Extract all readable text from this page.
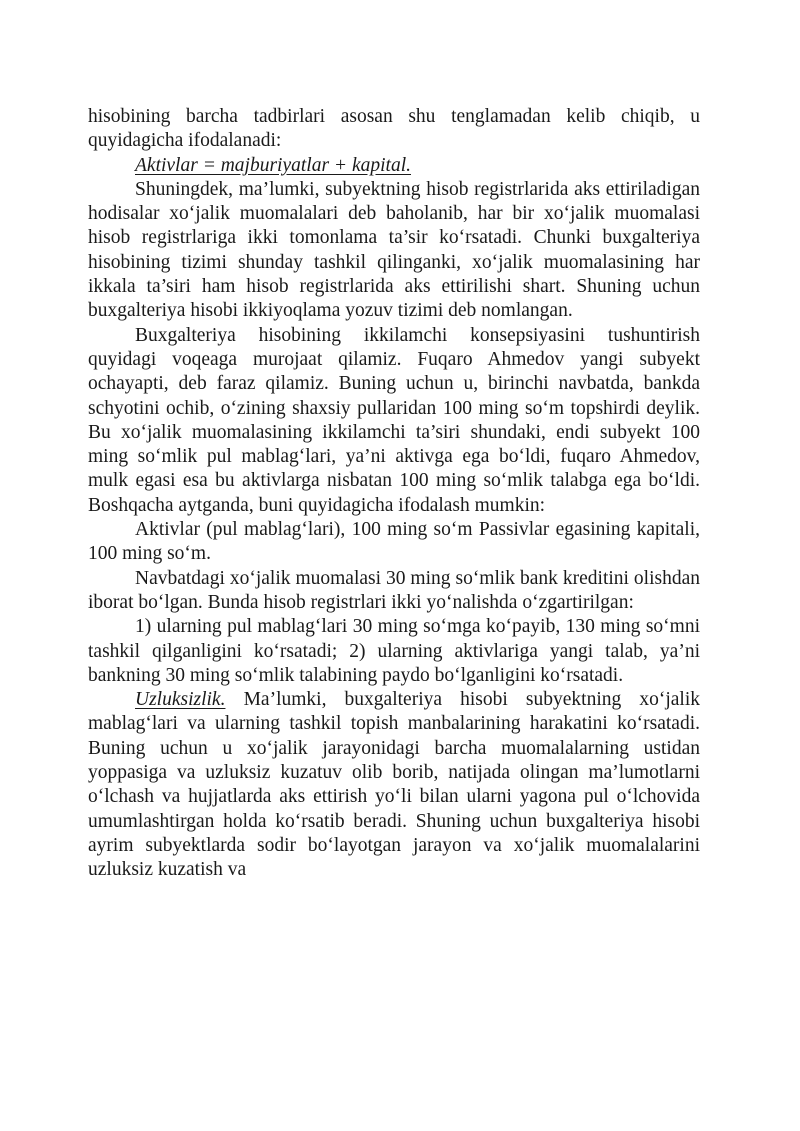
hisobining barcha tadbirlari asosan shu tenglamadan kelib chiqib, u quyidagicha ifodalanadi:

Aktivlar = majburiyatlar + kapital.

Shuningdek, ma’lumki, subyektning hisob registrlarida aks ettiriladigan hodisalar xo‘jalik muomalalari deb baholanib, har bir xo‘jalik muomalasi hisob registrlariga ikki tomonlama ta’sir ko‘rsatadi. Chunki buxgalteriya hisobining tizimi shunday tashkil qilinganki, xo‘jalik muomalasining har ikkala ta’siri ham hisob registrlarida aks ettirilishi shart. Shuning uchun buxgalteriya hisobi ikkiyoqlama yozuv tizimi deb nomlangan.

Buxgalteriya hisobining ikkilamchi konsepsiyasini tushuntirish quyidagi voqeaga murojaat qilamiz. Fuqaro Ahmedov yangi subyekt ochayapti, deb faraz qilamiz. Buning uchun u, birinchi navbatda, bankda schyotini ochib, o‘zining shaxsiy pullaridan 100 ming so‘m topshirdi deylik. Bu xo‘jalik muomalasining ikkilamchi ta’siri shundaki, endi subyekt 100 ming so‘mlik pul mablag‘lari, ya’ni aktivga ega bo‘ldi, fuqaro Ahmedov, mulk egasi esa bu aktivlarga nisbatan 100 ming so‘mlik talabga ega bo‘ldi. Boshqacha aytganda, buni quyidagicha ifodalash mumkin:

Aktivlar (pul mablag‘lari), 100 ming so‘m Passivlar egasining kapitali, 100 ming so‘m.

Navbatdagi xo‘jalik muomalasi 30 ming so‘mlik bank kreditini olishdan iborat bo‘lgan. Bunda hisob registrlari ikki yo‘nalishda o‘zgartirilgan:

1) ularning pul mablag‘lari 30 ming so‘mga ko‘payib, 130 ming so‘mni tashkil qilganligini ko‘rsatadi; 2) ularning aktivlariga yangi talab, ya’ni bankning 30 ming so‘mlik talabining paydo bo‘lganligini ko‘rsatadi.

Uzluksizlik. Ma’lumki, buxgalteriya hisobi subyektning xo‘jalik mablag‘lari va ularning tashkil topish manbalarining harakatini ko‘rsatadi. Buning uchun u xo‘jalik jarayonidagi barcha muomalalarning ustidan yoppasiga va uzluksiz kuzatuv olib borib, natijada olingan ma’lumotlarni o‘lchash va hujjatlarda aks ettirish yo‘li bilan ularni yagona pul o‘lchovida umumlashtirgan holda ko‘rsatib beradi. Shuning uchun buxgalteriya hisobi ayrim subyektlarda sodir bo‘layotgan jarayon va xo‘jalik muomalalarini uzluksiz kuzatish va
